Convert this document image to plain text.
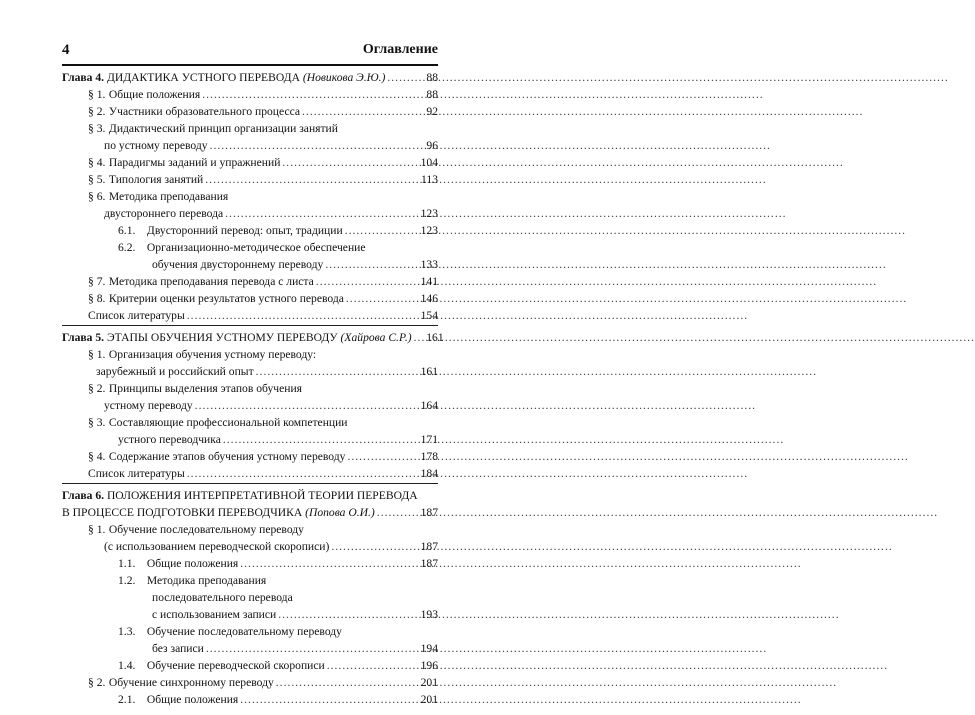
4	Оглавление
Глава 4. ДИДАКТИКА УСТНОГО ПЕРЕВОДА (Новикова Э.Ю.) .....	88
§ 1. Общие положения .....	88
§ 2. Участники образовательного процесса .....	92
§ 3. Дидактический принцип организации занятий
по устному переводу .....	96
§ 4. Парадигмы заданий и упражнений .....	104
§ 5. Типология занятий .....	113
§ 6. Методика преподавания
двустороннего перевода .....	123
6.1. Двусторонний перевод: опыт, традиции .....	123
6.2. Организационно-методическое обеспечение
обучения двустороннему переводу .....	133
§ 7. Методика преподавания перевода с листа .....	141
§ 8. Критерии оценки результатов устного перевода .....	146
Список литературы .....	154
Глава 5. ЭТАПЫ ОБУЧЕНИЯ УСТНОМУ ПЕРЕВОДУ (Хайрова С.Р.) .....	161
§ 1. Организация обучения устному переводу:
зарубежный и российский опыт .....	161
§ 2. Принципы выделения этапов обучения
устному переводу .....	164
§ 3. Составляющие профессиональной компетенции
устного переводчика .....	171
§ 4. Содержание этапов обучения устному переводу .....	178
Список литературы .....	184
Глава 6. ПОЛОЖЕНИЯ ИНТЕРПРЕТАТИВНОЙ ТЕОРИИ ПЕРЕВОДА
В ПРОЦЕССЕ ПОДГОТОВКИ ПЕРЕВОДЧИКА (Попова О.И.) .....	187
§ 1. Обучение последовательному переводу
(с использованием переводческой скорописи) .....	187
1.1. Общие положения .....	187
1.2. Методика преподавания
последовательного перевода
с использованием записи .....	193
1.3. Обучение последовательному переводу
без записи .....	194
1.4. Обучение переводческой скорописи .....	196
§ 2. Обучение синхронному переводу .....	201
2.1. Общие положения .....	201
